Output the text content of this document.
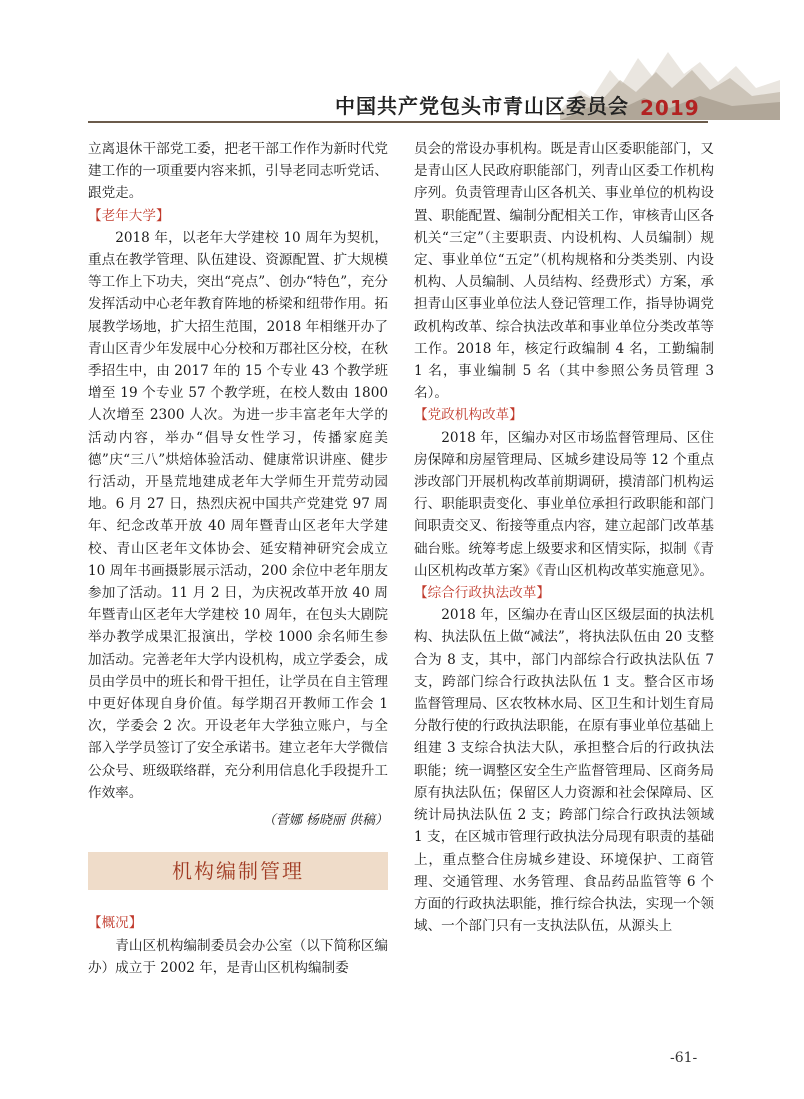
中国共产党包头市青山区委员会 2019

立离退休干部党工委，把老干部工作作为新时代党建工作的一项重要内容来抓，引导老同志听党话、跟党走。

【老年大学】

2018 年，以老年大学建校 10 周年为契机，重点在教学管理、队伍建设、资源配置、扩大规模等工作上下功夫，突出“亮点”、创办“特色”，充分发挥活动中心老年教育阵地的桥梁和纽带作用。拓展教学场地，扩大招生范围，2018 年相继开办了青山区青少年发展中心分校和万郡社区分校，在秋季招生中，由 2017 年的 15 个专业 43 个教学班增至 19 个专业 57 个教学班，在校人数由 1800 人次增至 2300 人次。为进一步丰富老年大学的活动内容，举办“倡导女性学习，传播家庭美德”庆“三八”烘焙体验活动、健康常识讲座、健步行活动，开垦荒地建成老年大学师生开荒劳动园地。6 月 27 日，热烈庆祝中国共产党建党 97 周年、纪念改革开放 40 周年暨青山区老年大学建校、青山区老年文体协会、延安精神研究会成立 10 周年书画摄影展示活动，200 余位中老年朋友参加了活动。11 月 2 日，为庆祝改革开放 40 周年暨青山区老年大学建校 10 周年，在包头大剧院举办教学成果汇报演出，学校 1000 余名师生参加活动。完善老年大学内设机构，成立学委会，成员由学员中的班长和骨干担任，让学员在自主管理中更好体现自身价值。每学期召开教师工作会 1 次，学委会 2 次。开设老年大学独立账户，与全部入学学员签订了安全承诺书。建立老年大学微信公众号、班级联络群，充分利用信息化手段提升工作效率。

（菅娜 杨晓丽 供稿）
机构编制管理
【概况】

青山区机构编制委员会办公室（以下简称区编办）成立于 2002 年，是青山区机构编制委

员会的常设办事机构。既是青山区委职能部门，又是青山区人民政府职能部门，列青山区委工作机构序列。负责管理青山区各机关、事业单位的机构设置、职能配置、编制分配相关工作，审核青山区各机关“三定”（主要职责、内设机构、人员编制）规定、事业单位“五定”（机构规格和分类类别、内设机构、人员编制、人员结构、经费形式）方案，承担青山区事业单位法人登记管理工作，指导协调党政机构改革、综合执法改革和事业单位分类改革等工作。2018 年，核定行政编制 4 名，工勤编制 1 名，事业编制 5 名（其中参照公务员管理 3 名）。

【党政机构改革】

2018 年，区编办对区市场监督管理局、区住房保障和房屋管理局、区城乡建设局等 12 个重点涉改部门开展机构改革前期调研，摸清部门机构运行、职能职责变化、事业单位承担行政职能和部门间职责交叉、衔接等重点内容，建立起部门改革基础台账。统筹考虑上级要求和区情实际，拟制《青山区机构改革方案》《青山区机构改革实施意见》。

【综合行政执法改革】

2018 年，区编办在青山区区级层面的执法机构、执法队伍上做“减法”，将执法队伍由 20 支整合为 8 支，其中，部门内部综合行政执法队伍 7 支，跨部门综合行政执法队伍 1 支。整合区市场监督管理局、区农牧林水局、区卫生和计划生育局分散行使的行政执法职能，在原有事业单位基础上组建 3 支综合执法大队，承担整合后的行政执法职能；统一调整区安全生产监督管理局、区商务局原有执法队伍；保留区人力资源和社会保障局、区统计局执法队伍 2 支；跨部门综合行政执法领域 1 支，在区城市管理行政执法分局现有职责的基础上，重点整合住房城乡建设、环境保护、工商管理、交通管理、水务管理、食品药品监管等 6 个方面的行政执法职能，推行综合执法，实现一个领域、一个部门只有一支执法队伍，从源头上

-61-
